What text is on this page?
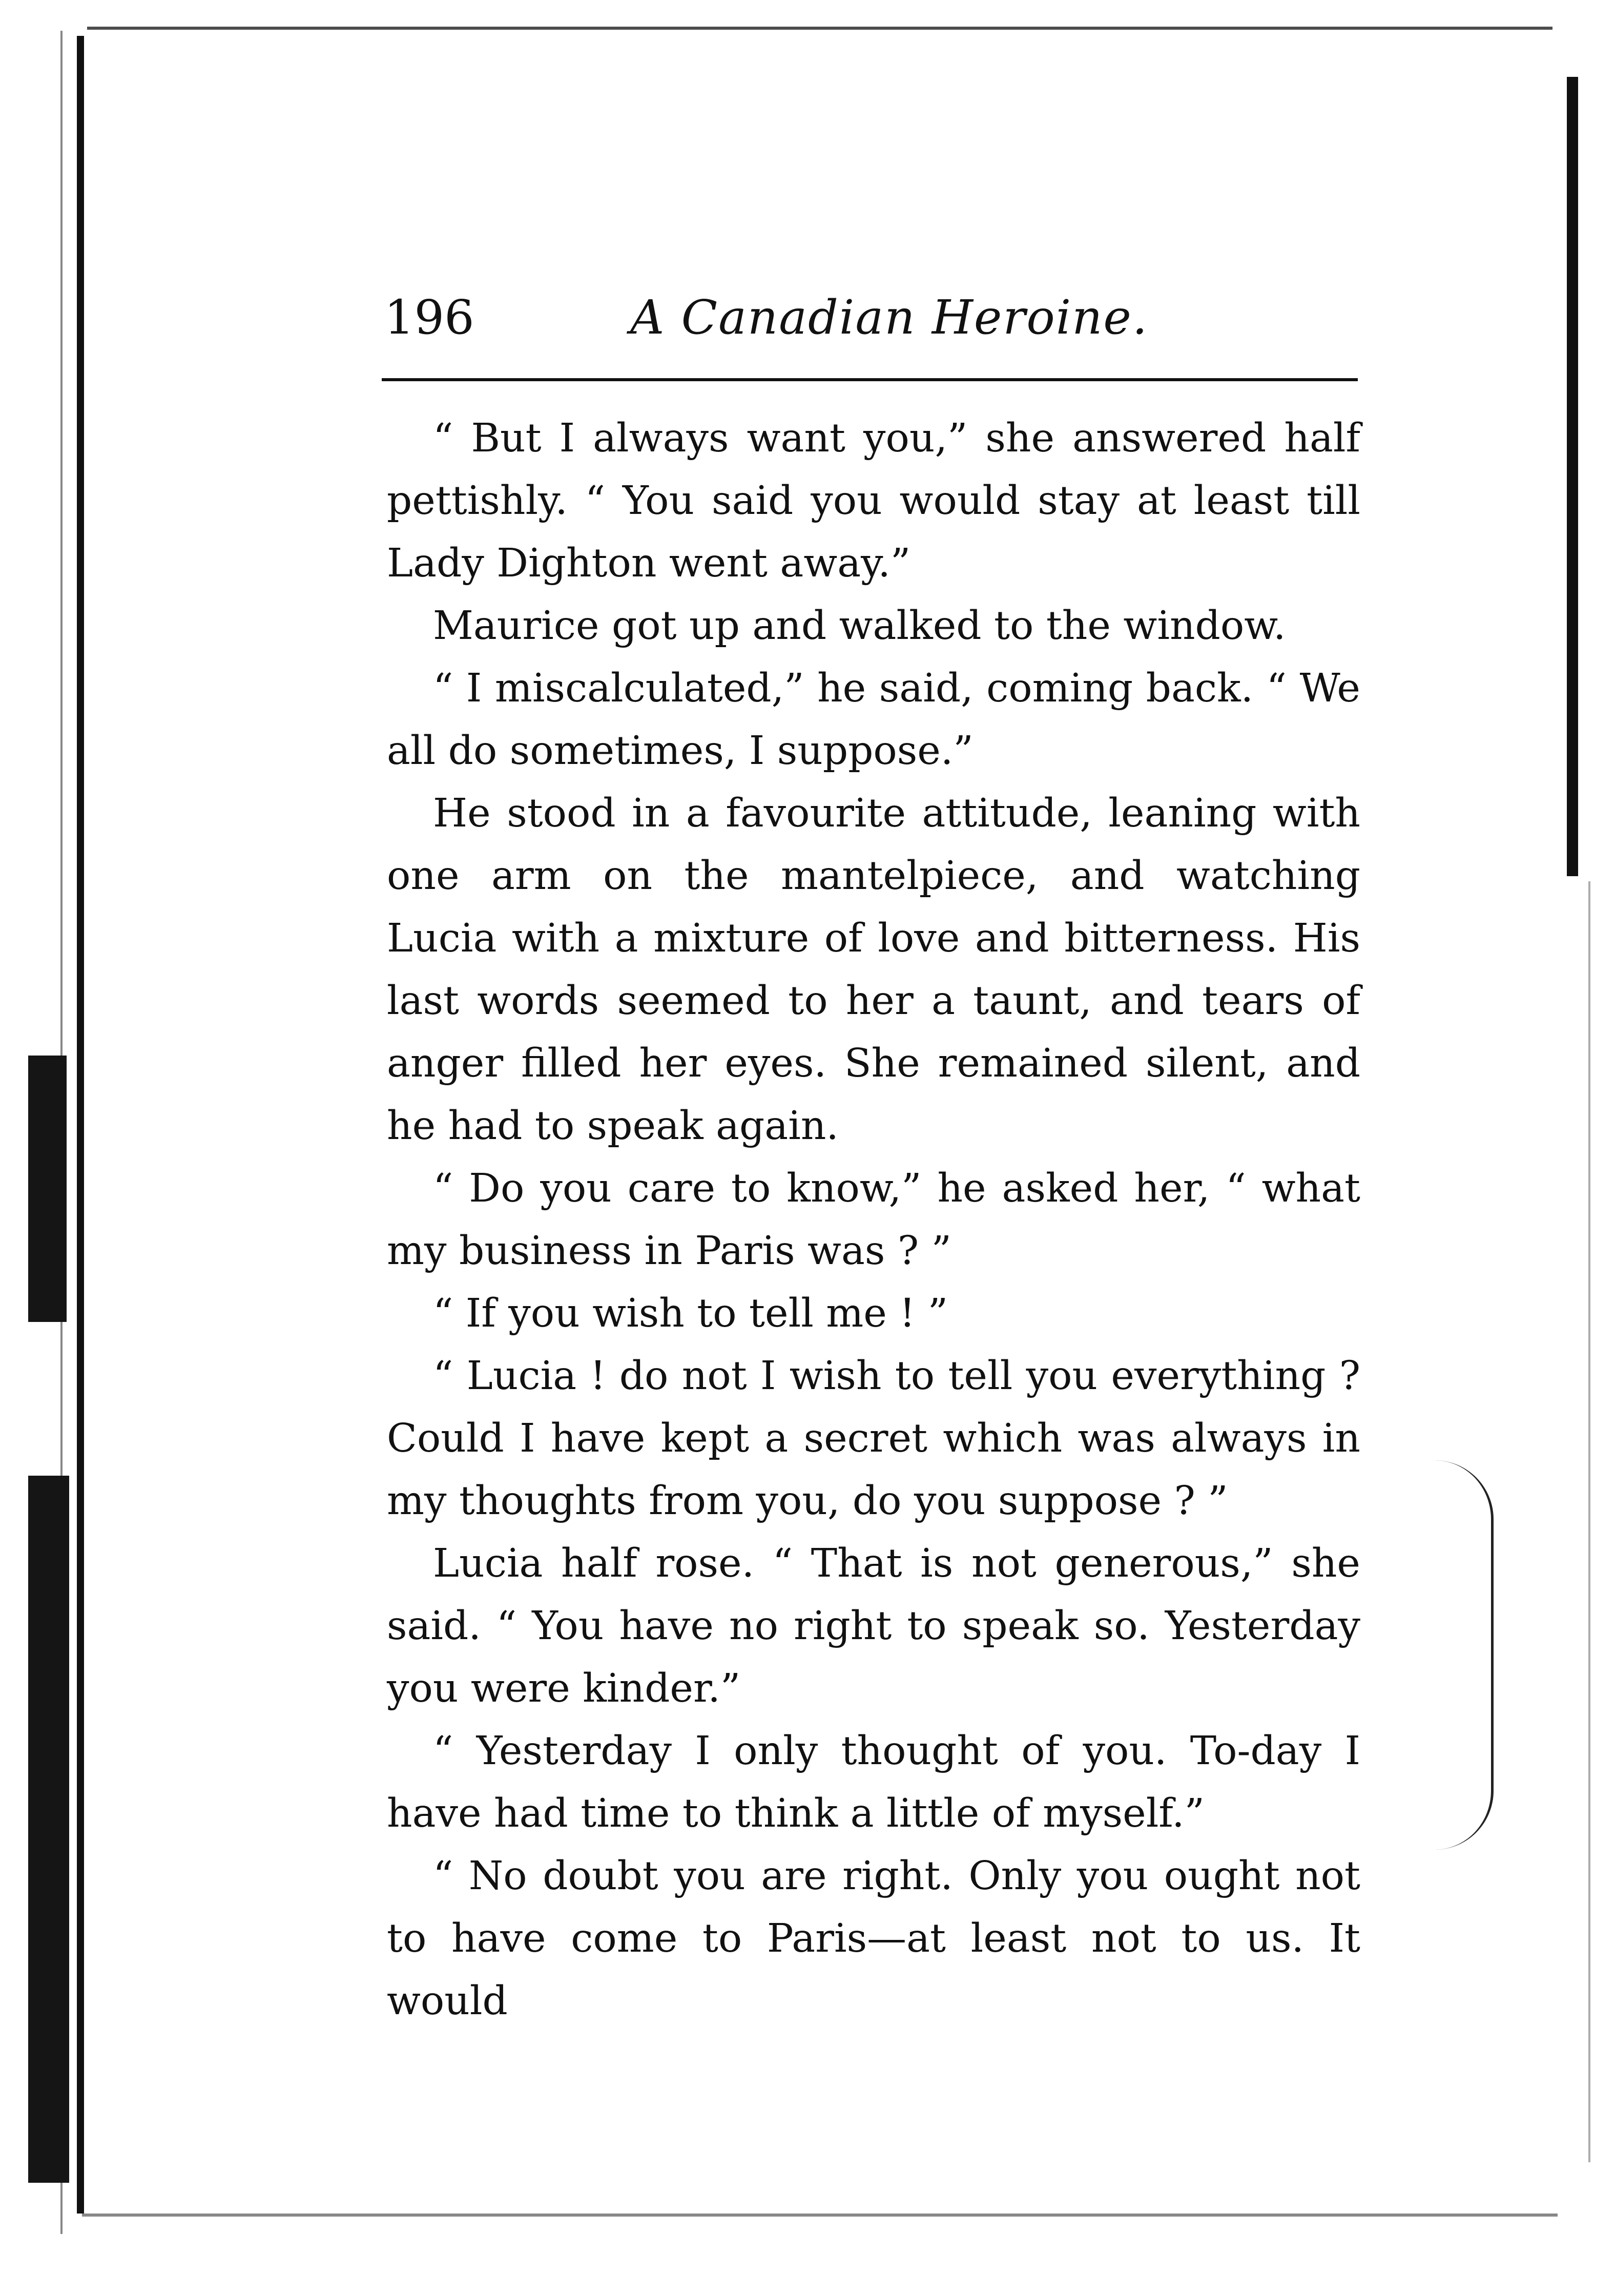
196	A Canadian Heroine.

“ But I always want you,” she answered half pettishly. “ You said you would stay at least till Lady Dighton went away.”

Maurice got up and walked to the window.

“ I miscalculated,” he said, coming back. “ We all do sometimes, I suppose.”

He stood in a favourite attitude, leaning with one arm on the mantelpiece, and watching Lucia with a mixture of love and bitterness. His last words seemed to her a taunt, and tears of anger filled her eyes. She remained silent, and he had to speak again.

“ Do you care to know,” he asked her, “ what my business in Paris was ? ”

“ If you wish to tell me ! ”

“ Lucia ! do not I wish to tell you everything ? Could I have kept a secret which was always in my thoughts from you, do you suppose ? ”

Lucia half rose. “ That is not generous,” she said. “ You have no right to speak so. Yesterday you were kinder.”

“ Yesterday I only thought of you. To-day I have had time to think a little of myself.”

“ No doubt you are right. Only you ought not to have come to Paris—at least not to us. It would
